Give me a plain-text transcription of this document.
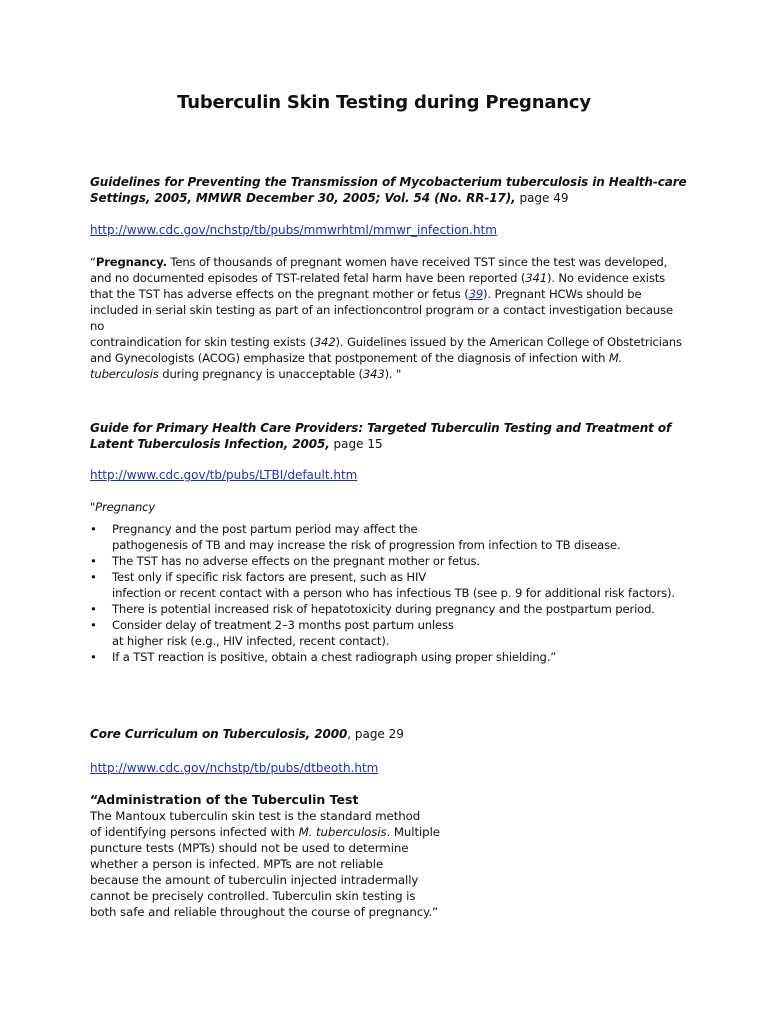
Tuberculin Skin Testing during Pregnancy
Guidelines for Preventing the Transmission of Mycobacterium tuberculosis in Health-care
Settings, 2005, MMWR December 30, 2005; Vol. 54 (No. RR-17), page 49
http://www.cdc.gov/nchstp/tb/pubs/mmwrhtml/mmwr_infection.htm
“Pregnancy. Tens of thousands of pregnant women have received TST since the test was developed,
and no documented episodes of TST-related fetal harm have been reported (341). No evidence exists
that the TST has adverse effects on the pregnant mother or fetus (39). Pregnant HCWs should be
included in serial skin testing as part of an infectioncontrol program or a contact investigation because no
contraindication for skin testing exists (342). Guidelines issued by the American College of Obstetricians
and Gynecologists (ACOG) emphasize that postponement of the diagnosis of infection with M.
tuberculosis during pregnancy is unacceptable (343). "
Guide for Primary Health Care Providers: Targeted Tuberculin Testing and Treatment of
Latent Tuberculosis Infection, 2005, page 15
http://www.cdc.gov/tb/pubs/LTBI/default.htm
"Pregnancy
• Pregnancy and the post partum period may affect the
pathogenesis of TB and may increase the risk of progression from infection to TB disease.
• The TST has no adverse effects on the pregnant mother or fetus.
• Test only if specific risk factors are present, such as HIV
infection or recent contact with a person who has infectious TB (see p. 9 for additional risk factors).
• There is potential increased risk of hepatotoxicity during pregnancy and the postpartum period.
• Consider delay of treatment 2–3 months post partum unless
at higher risk (e.g., HIV infected, recent contact).
• If a TST reaction is positive, obtain a chest radiograph using proper shielding.”
Core Curriculum on Tuberculosis, 2000, page 29
http://www.cdc.gov/nchstp/tb/pubs/dtbeoth.htm
“Administration of the Tuberculin Test
The Mantoux tuberculin skin test is the standard method
of identifying persons infected with M. tuberculosis. Multiple
puncture tests (MPTs) should not be used to determine
whether a person is infected. MPTs are not reliable
because the amount of tuberculin injected intradermally
cannot be precisely controlled. Tuberculin skin testing is
both safe and reliable throughout the course of pregnancy.”
